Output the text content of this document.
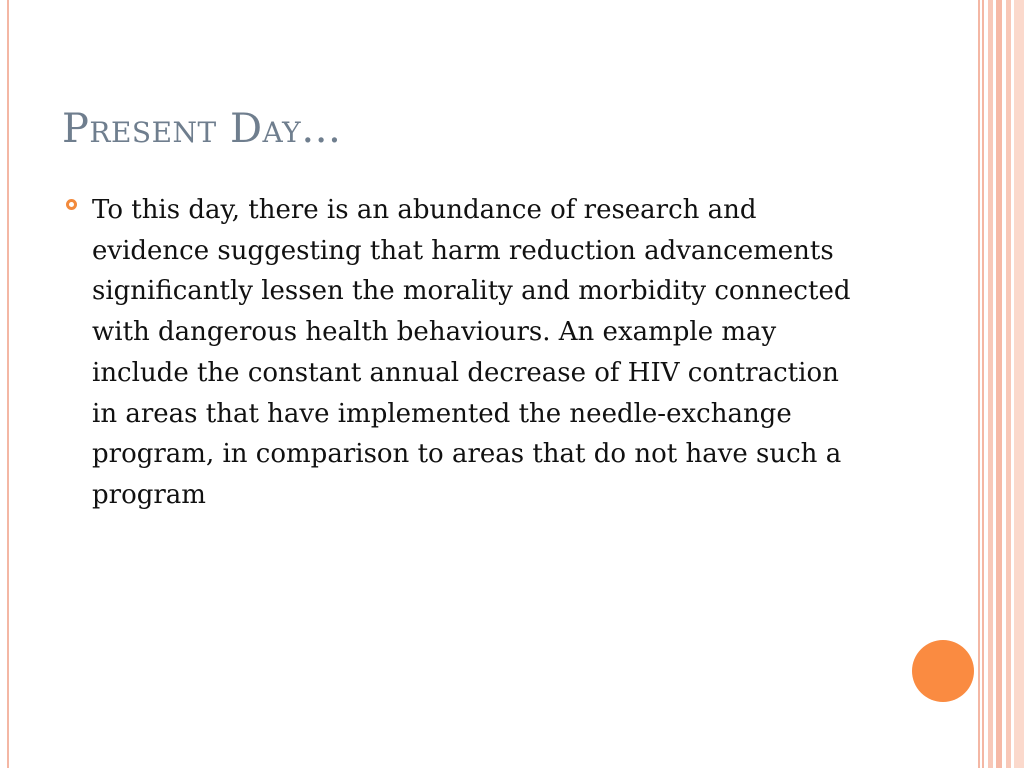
Present Day…
To this day, there is an abundance of research and evidence suggesting that harm reduction advancements significantly lessen the morality and morbidity connected with dangerous health behaviours. An example may include the constant annual decrease of HIV contraction in areas that have implemented the needle-exchange program, in comparison to areas that do not have such a program
